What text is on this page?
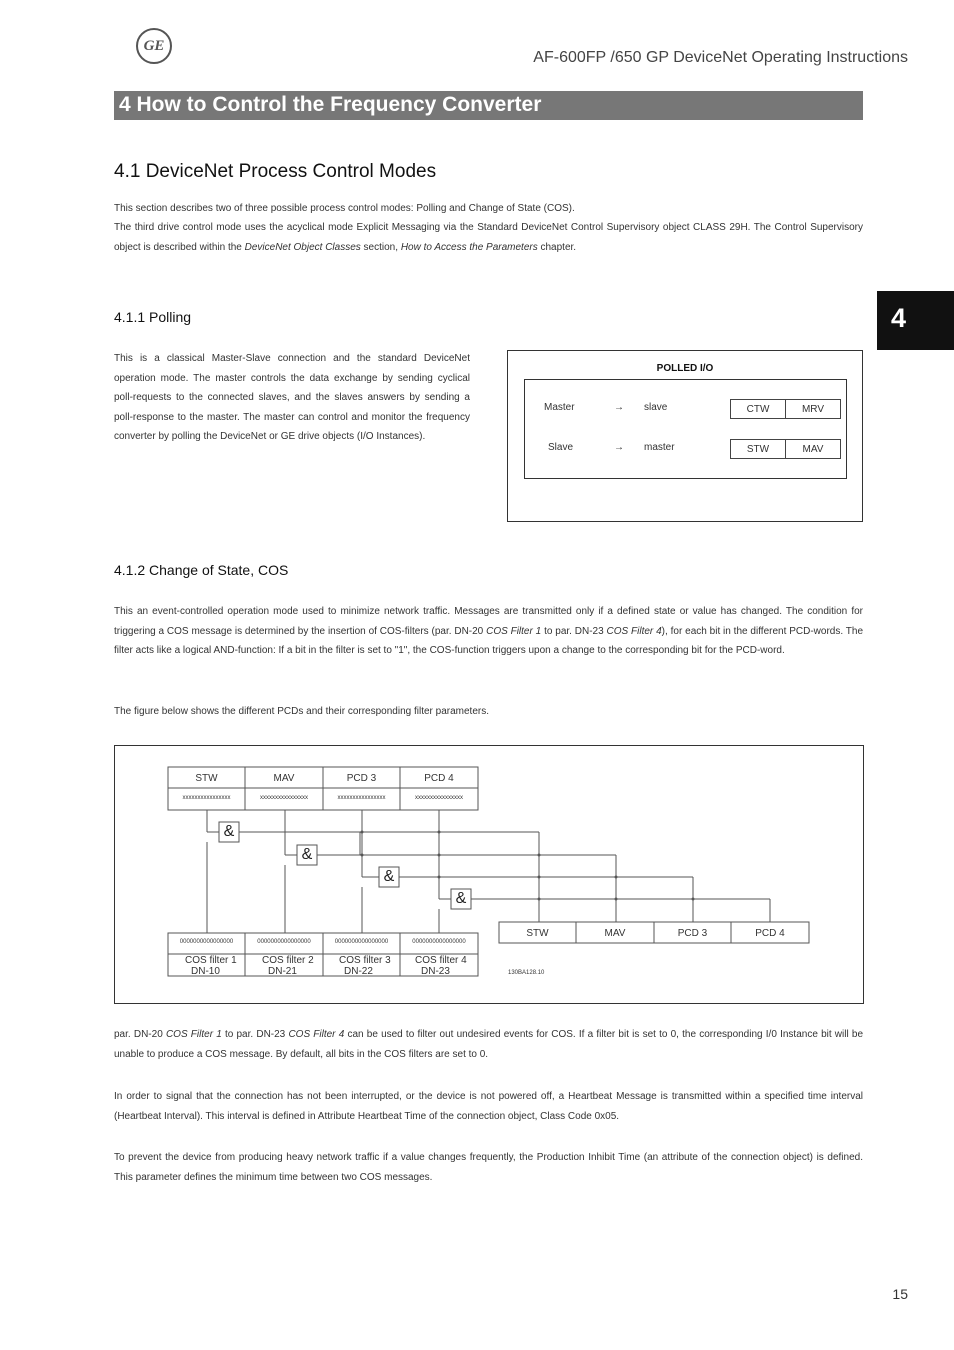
GE
AF-600FP /650 GP DeviceNet Operating Instructions
4 How to Control the Frequency Converter
4
4.1 DeviceNet Process Control Modes

This section describes two of three possible process control modes: Polling and Change of State (COS).

The third drive control mode uses the acyclical mode Explicit Messaging via the Standard DeviceNet Control Supervisory object CLASS 29H. The Control Supervisory object is described within the DeviceNet Object Classes section, How to Access the Parameters chapter.

4.1.1 Polling

This is a classical Master-Slave connection and the standard DeviceNet operation mode. The master controls the data exchange by sending cyclical poll-requests to the connected slaves, and the slaves answers by sending a poll-response to the master. The master can control and monitor the frequency converter by polling the DeviceNet or GE drive objects (I/O Instances).

POLLED I/O
Master	→ slave	CTW	MRV
Slave	→ master	STW	MAV
4.1.2 Change of State, COS

This an event-controlled operation mode used to minimize network traffic. Messages are transmitted only if a defined state or value has changed. The condition for triggering a COS message is determined by the insertion of COS-filters (par. DN-20 COS Filter 1 to par. DN-23 COS Filter 4), for each bit in the different PCD-words. The filter acts like a logical AND-function: If a bit in the filter is set to "1", the COS-function triggers upon a change to the corresponding bit for the PCD-word.

The figure below shows the different PCDs and their corresponding filter parameters.

STW	MAV	PCD 3	PCD 4
xxxxxxxxxxxxxxxx	xxxxxxxxxxxxxxxx	xxxxxxxxxxxxxxxx	xxxxxxxxxxxxxxxx
&
&
&
&
0000000000000000	0000000000000000	0000000000000000	0000000000000000
COS filter 1	COS filter 2	COS filter 3 COS filter 4
DN-10	DN-21	DN-22	DN-23
STW	MAV	PCD 3	PCD 4
130BA128.10

par. DN-20 COS Filter 1 to par. DN-23 COS Filter 4 can be used to filter out undesired events for COS. If a filter bit is set to 0, the corresponding I/0 Instance bit will be unable to produce a COS message. By default, all bits in the COS filters are set to 0.

In order to signal that the connection has not been interrupted, or the device is not powered off, a Heartbeat Message is transmitted within a specified time interval (Heartbeat Interval). This interval is defined in Attribute Heartbeat Time of the connection object, Class Code 0x05.

To prevent the device from producing heavy network traffic if a value changes frequently, the Production Inhibit Time (an attribute of the connection object) is defined. This parameter defines the minimum time between two COS messages.

15
